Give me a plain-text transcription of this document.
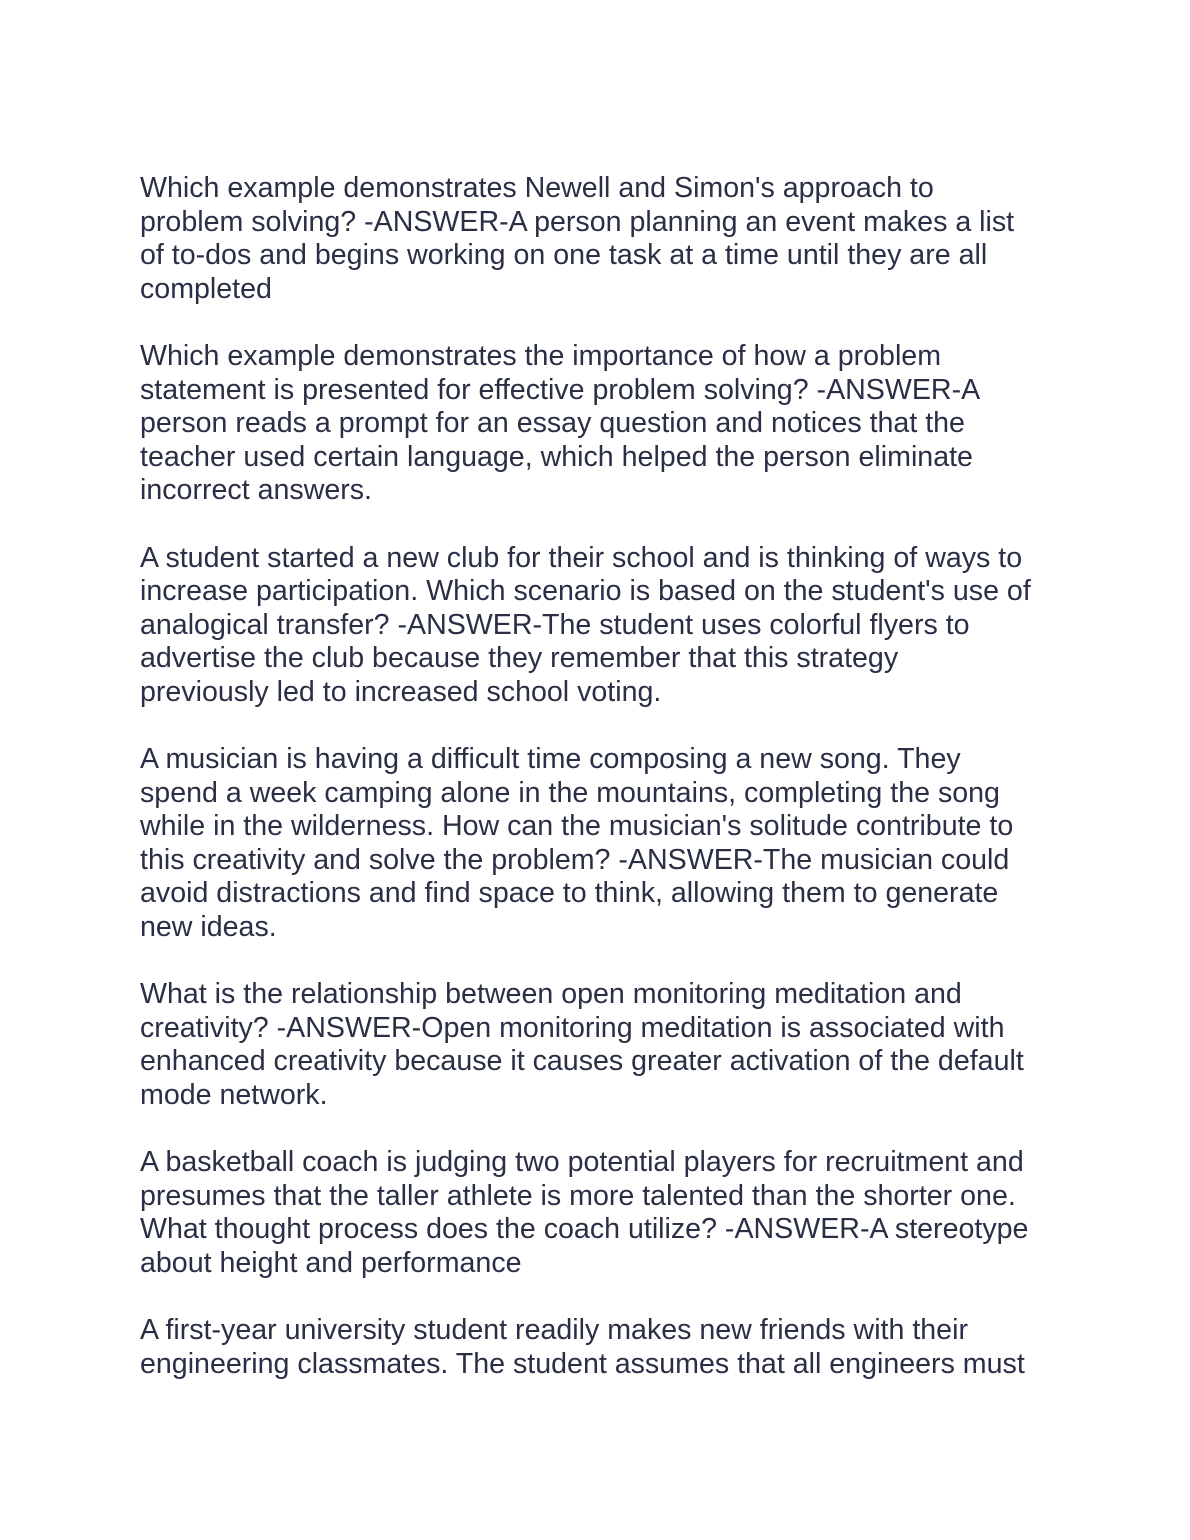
Which example demonstrates Newell and Simon's approach to
problem solving? -ANSWER-A person planning an event makes a list
of to-dos and begins working on one task at a time until they are all
completed

Which example demonstrates the importance of how a problem
statement is presented for effective problem solving? -ANSWER-A
person reads a prompt for an essay question and notices that the
teacher used certain language, which helped the person eliminate
incorrect answers.

A student started a new club for their school and is thinking of ways to
increase participation. Which scenario is based on the student's use of
analogical transfer? -ANSWER-The student uses colorful flyers to
advertise the club because they remember that this strategy
previously led to increased school voting.

A musician is having a difficult time composing a new song. They
spend a week camping alone in the mountains, completing the song
while in the wilderness. How can the musician's solitude contribute to
this creativity and solve the problem? -ANSWER-The musician could
avoid distractions and find space to think, allowing them to generate
new ideas.

What is the relationship between open monitoring meditation and
creativity? -ANSWER-Open monitoring meditation is associated with
enhanced creativity because it causes greater activation of the default
mode network.

A basketball coach is judging two potential players for recruitment and
presumes that the taller athlete is more talented than the shorter one.
What thought process does the coach utilize? -ANSWER-A stereotype
about height and performance

A first-year university student readily makes new friends with their
engineering classmates. The student assumes that all engineers must
